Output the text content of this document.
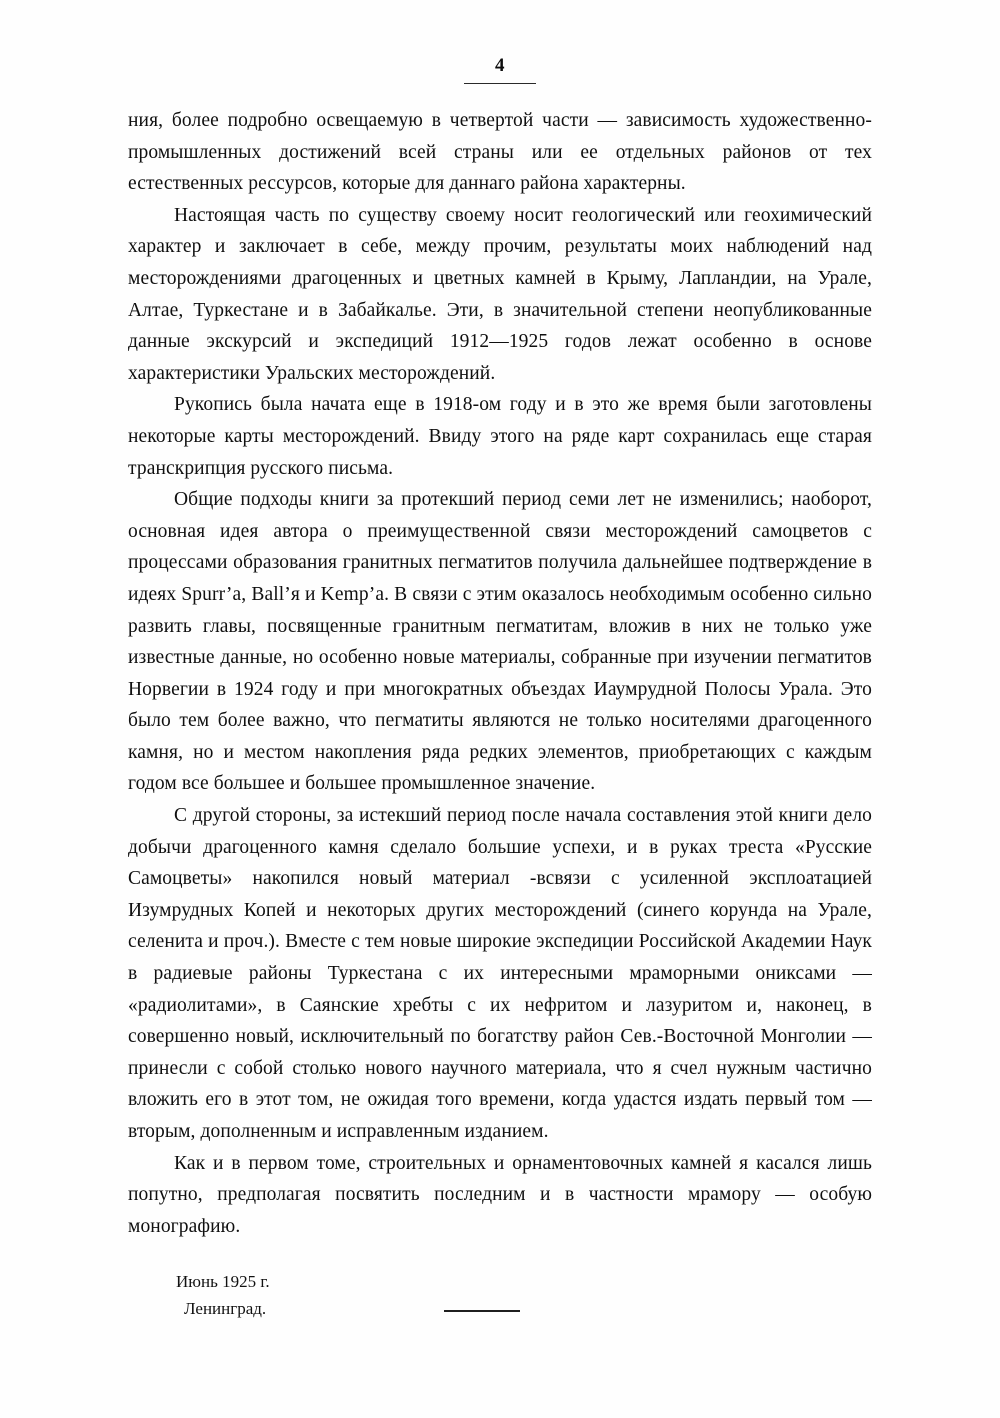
4

ния, более подробно освещаемую в четвертой части — зависимость художественно-промышленных достижений всей страны или ее отдельных районов от тех естественных рессурсов, которые для даннаго района характерны.

Настоящая часть по существу своему носит геологический или геохимический характер и заключает в себе, между прочим, результаты моих наблюдений над месторождениями драгоценных и цветных камней в Крыму, Лапландии, на Урале, Алтае, Туркестане и в Забайкалье. Эти, в значительной степени неопубликованные данные экскурсий и экспедиций 1912—1925 годов лежат особенно в основе характеристики Уральских месторождений.

Рукопись была начата еще в 1918-ом году и в это же время были заготовлены некоторые карты месторождений. Ввиду этого на ряде карт сохранилась еще старая транскрипция русского письма.

Общие подходы книги за протекший период семи лет не изменились; наоборот, основная идея автора о преимущественной связи месторождений самоцветов с процессами образования гранитных пегматитов получила дальнейшее подтверждение в идеях Spurr’a, Ball’я и Kemp’a. В связи с этим оказалось необходимым особенно сильно развить главы, посвященные гранитным пегматитам, вложив в них не только уже известные данные, но особенно новые материалы, собранные при изучении пегматитов Норвегии в 1924 году и при многократных объездах Иаумрудной Полосы Урала. Это было тем более важно, что пегматиты являются не только носителями драгоценного камня, но и местом накопления ряда редких элементов, приобретающих с каждым годом все большее и большее промышленное значение.

С другой стороны, за истекший период после начала составления этой книги дело добычи драгоценного камня сделало большие успехи, и в руках треста «Русские Самоцветы» накопился новый материал -всвязи с усиленной эксплоатацией Изумрудных Копей и некоторых других месторождений (синего корунда на Урале, селенита и проч.). Вместе с тем новые широкие экспедиции Российской Академии Наук в радиевые районы Туркестана с их интересными мраморными ониксами — «радиолитами», в Саянские хребты с их нефритом и лазуритом и, наконец, в совершенно новый, исключительный по богатству район Сев.-Восточной Монголии — принесли с собой столько нового научного материала, что я счел нужным частично вложить его в этот том, не ожидая того времени, когда удастся издать первый том — вторым, дополненным и исправленным изданием.

Как и в первом томе, строительных и орнаментовочных камней я касался лишь попутно, предполагая посвятить последним и в частности мрамору — особую монографию.

Июнь 1925 г.
Ленинград.
